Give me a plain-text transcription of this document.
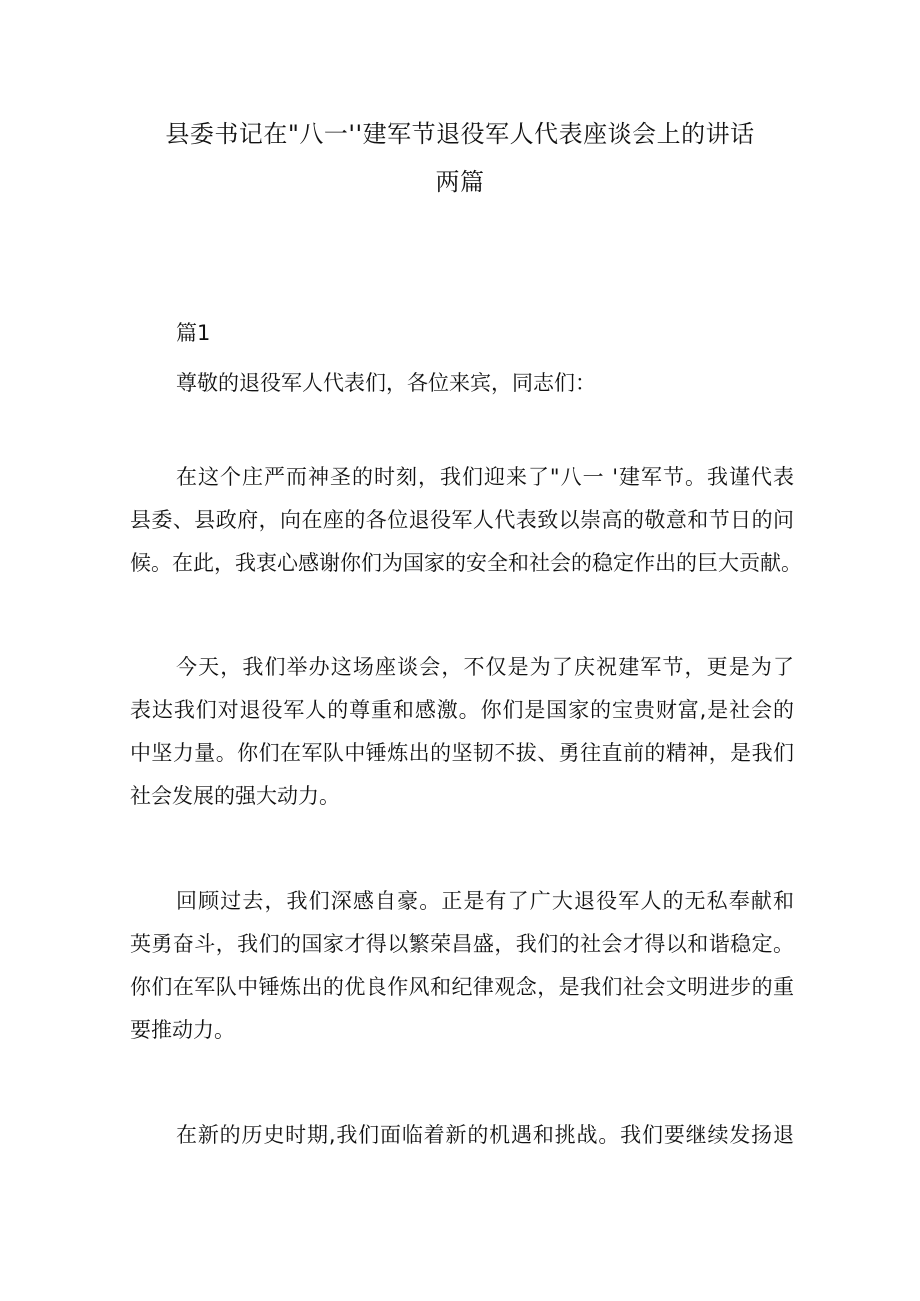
县委书记在"八一''建军节退役军人代表座谈会上的讲话
两篇
篇1
尊敬的退役军人代表们，各位来宾，同志们：
在这个庄严而神圣的时刻，我们迎来了"八一 '建军节。我谨代表
县委、县政府，向在座的各位退役军人代表致以崇高的敬意和节日的问
候。在此，我衷心感谢你们为国家的安全和社会的稳定作出的巨大贡献。
今天，我们举办这场座谈会，不仅是为了庆祝建军节，更是为了
表达我们对退役军人的尊重和感激。你们是国家的宝贵财富,是社会的
中坚力量。你们在军队中锤炼出的坚韧不拔、勇往直前的精神，是我们
社会发展的强大动力。
回顾过去，我们深感自豪。正是有了广大退役军人的无私奉献和
英勇奋斗，我们的国家才得以繁荣昌盛，我们的社会才得以和谐稳定。
你们在军队中锤炼出的优良作风和纪律观念，是我们社会文明进步的重
要推动力。
在新的历史时期,我们面临着新的机遇和挑战。我们要继续发扬退
